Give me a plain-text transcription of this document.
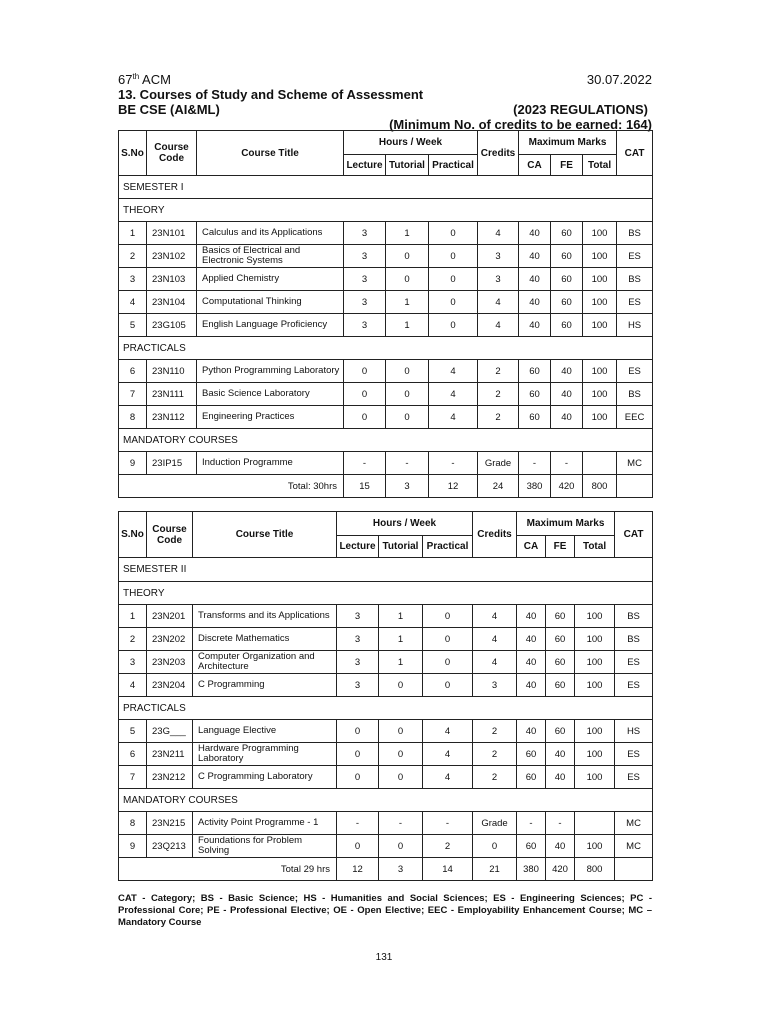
67th ACM	30.07.2022
13. Courses of Study and Scheme of Assessment
BE CSE (AI&ML)	(2023 REGULATIONS)
(Minimum No. of credits to be earned: 164)
S.No	Course Code	Course Title	Hours / Week			Credits	Maximum Marks			CAT
			Lecture	Tutorial	Practical		CA	FE	Total	
SEMESTER I										
THEORY										
1	23N101	Calculus and its Applications	3	1	0	4	40	60	100	BS
2	23N102	Basics of Electrical and Electronic Systems	3	0	0	3	40	60	100	ES
3	23N103	Applied Chemistry	3	0	0	3	40	60	100	BS
4	23N104	Computational Thinking	3	1	0	4	40	60	100	ES
5	23G105	English Language Proficiency	3	1	0	4	40	60	100	HS
PRACTICALS										
6	23N110	Python Programming Laboratory	0	0	4	2	60	40	100	ES
7	23N111	Basic Science Laboratory	0	0	4	2	60	40	100	BS
8	23N112	Engineering Practices	0	0	4	2	60	40	100	EEC
MANDATORY COURSES										
9	23IP15	Induction Programme	-	-	-	Grade	-	-		MC
Total: 30hrs			15	3	12	24	380	420	800	
S.No	Course Code	Course Title	Hours / Week			Credits	Maximum Marks			CAT
			Lecture	Tutorial	Practical		CA	FE	Total	
SEMESTER II										
THEORY										
1	23N201	Transforms and its Applications	3	1	0	4	40	60	100	BS
2	23N202	Discrete Mathematics	3	1	0	4	40	60	100	BS
3	23N203	Computer Organization and Architecture	3	1	0	4	40	60	100	ES
4	23N204	C Programming	3	0	0	3	40	60	100	ES
PRACTICALS										
5	23G___	Language Elective	0	0	4	2	40	60	100	HS
6	23N211	Hardware Programming Laboratory	0	0	4	2	60	40	100	ES
7	23N212	C Programming Laboratory	0	0	4	2	60	40	100	ES
MANDATORY COURSES										
8	23N215	Activity Point Programme - 1	-	-	-	Grade	-	-		MC
9	23Q213	Foundations for Problem Solving	0	0	2	0	60	40	100	MC
Total 29 hrs			12	3	14	21	380	420	800	
CAT - Category; BS - Basic Science; HS - Humanities and Social Sciences; ES - Engineering Sciences; PC - Professional Core; PE - Professional Elective; OE - Open Elective; EEC - Employability Enhancement Course; MC – Mandatory Course
131
